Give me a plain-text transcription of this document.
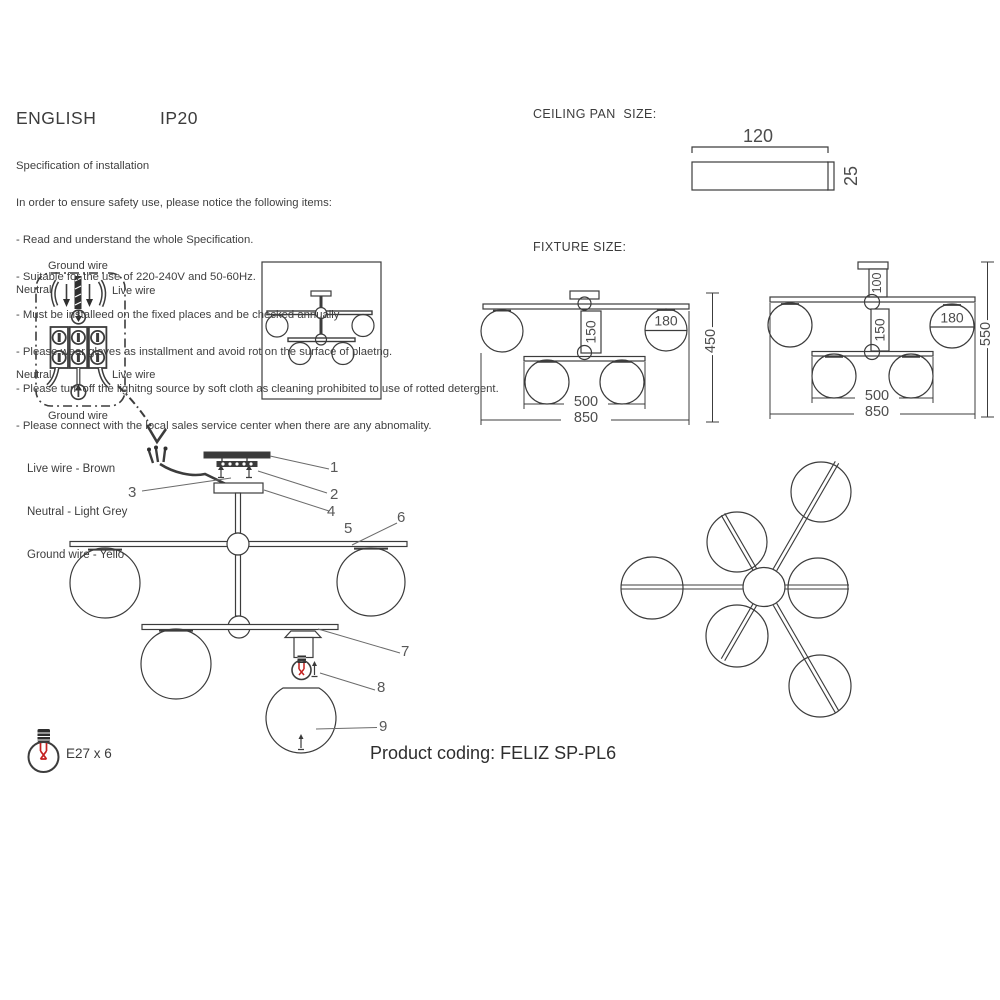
ENGLISH	IP20

Specification of installation

In order to ensure safety use, please notice the following items:

- Read and understand the whole Specification.

- Suitable for the use of 220-240V and 50-60Hz.

- Must be installeed on the fixed places and be checked annually

- Please wear gloves as installment and avoid rot on the surface of plaetng.

- Please tum off the lighitng source by soft cloth as cleaning prohibited to use of rotted detergent.

- Please connect with the local sales service center when there are any abnomality.

CEILING PAN  SIZE:
FIXTURE SIZE:
120
25
150
180
500
850
450
100
150
180
500
850
550
Ground wire
Neutral	Live wire
Neutral	Live wire
Ground wire

Live wire - Brown

Neutral - Light Grey

Ground wire - Yello

1
2
3
4
5
6
7
8
9
E27 x 6	Product coding: FELIZ SP-PL6
